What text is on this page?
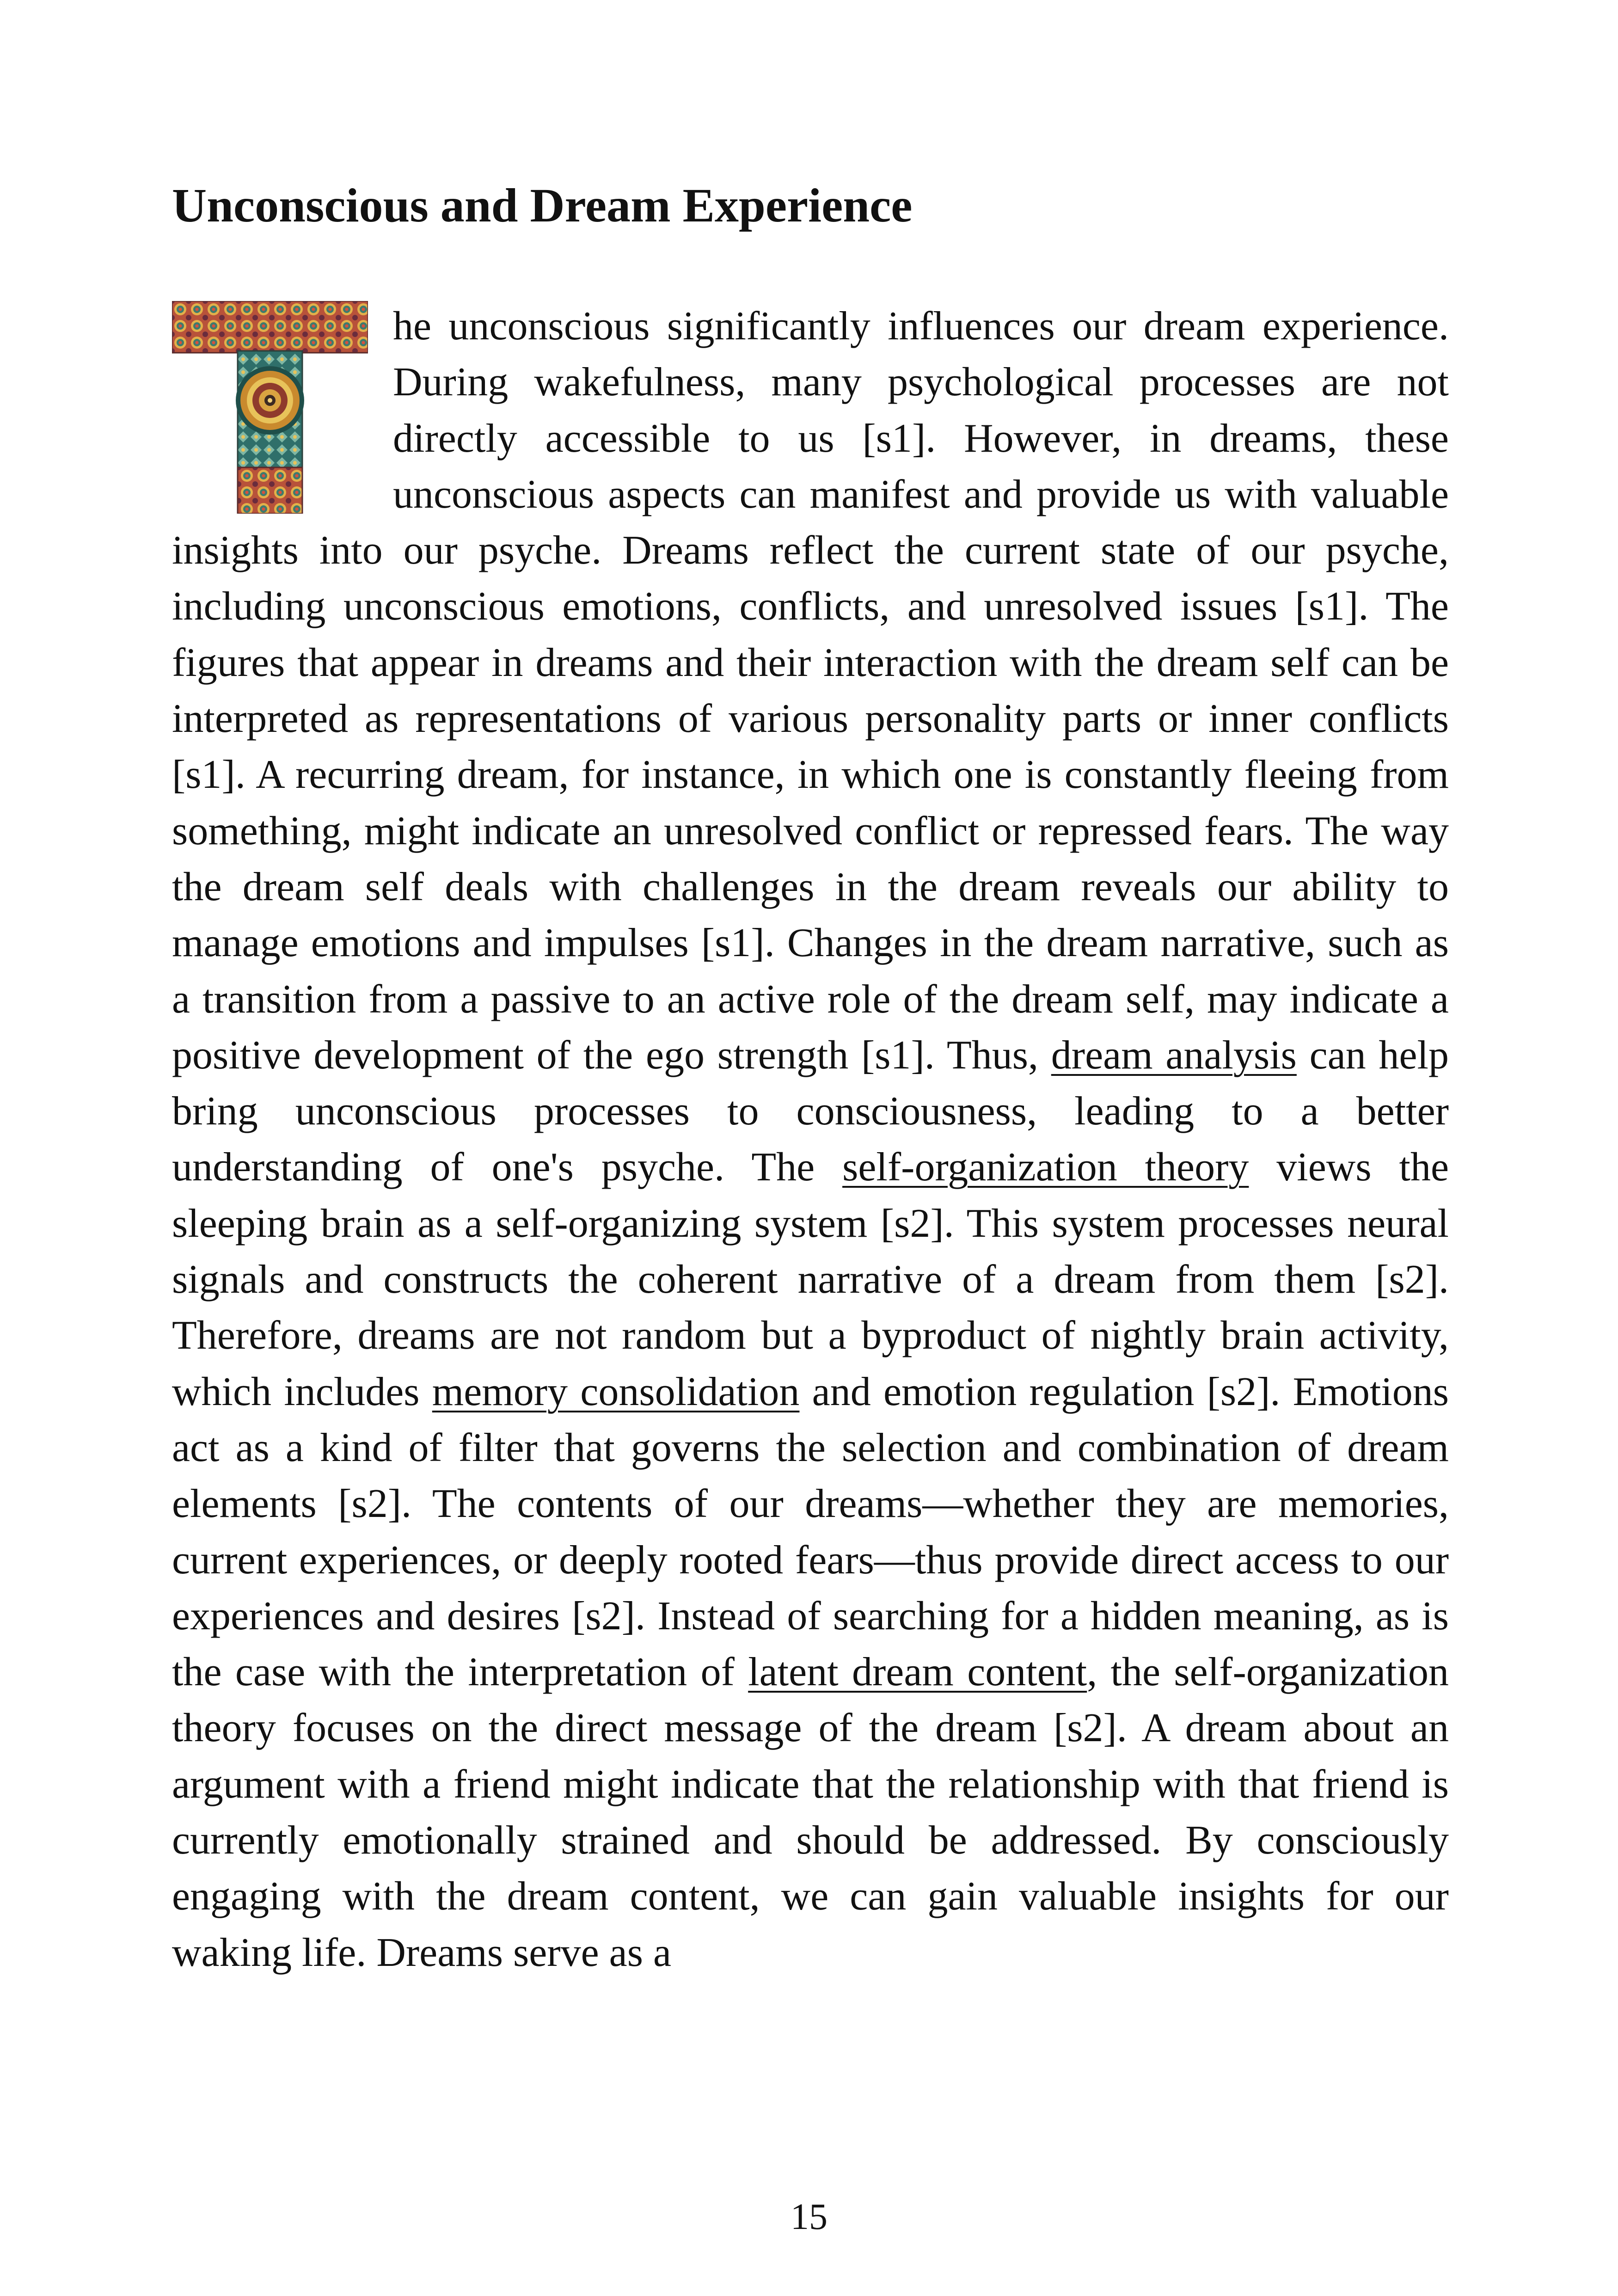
Unconscious and Dream Experience

he unconscious significantly influences our dream experience. During wakefulness, many psychological processes are not directly accessible to us [s1]. However, in dreams, these unconscious aspects can manifest and provide us with valuable insights into our psyche. Dreams reflect the current state of our psyche, including unconscious emotions, conflicts, and unresolved issues [s1]. The figures that appear in dreams and their interaction with the dream self can be interpreted as representations of various personality parts or inner conflicts [s1]. A recurring dream, for instance, in which one is constantly fleeing from something, might indicate an unresolved conflict or repressed fears. The way the dream self deals with challenges in the dream reveals our ability to manage emotions and impulses [s1]. Changes in the dream narrative, such as a transition from a passive to an active role of the dream self, may indicate a positive development of the ego strength [s1]. Thus, dream analysis can help bring unconscious processes to consciousness, leading to a better understanding of one's psyche. The self-organization theory views the sleeping brain as a self-organizing system [s2]. This system processes neural signals and constructs the coherent narrative of a dream from them [s2]. Therefore, dreams are not random but a byproduct of nightly brain activity, which includes memory consolidation and emotion regulation [s2]. Emotions act as a kind of filter that governs the selection and combination of dream elements [s2]. The contents of our dreams—whether they are memories, current experiences, or deeply rooted fears—thus provide direct access to our experiences and desires [s2]. Instead of searching for a hidden meaning, as is the case with the interpretation of latent dream content, the self-organization theory focuses on the direct message of the dream [s2]. A dream about an argument with a friend might indicate that the relationship with that friend is currently emotionally strained and should be addressed. By consciously engaging with the dream content, we can gain valuable insights for our waking life. Dreams serve as a

15
